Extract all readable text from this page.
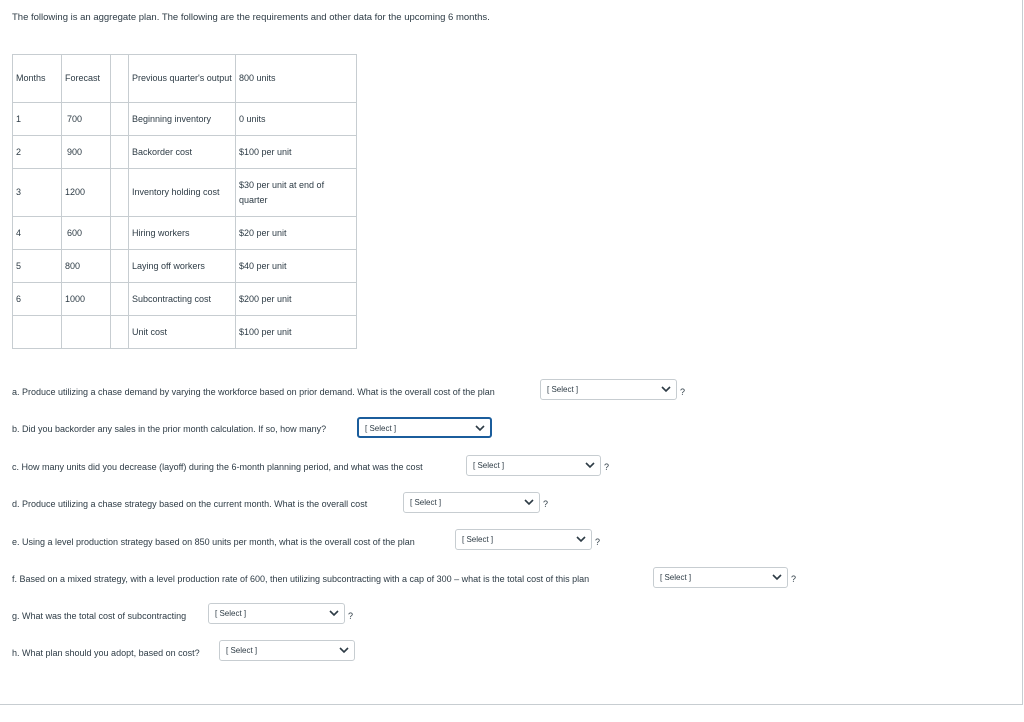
The following is an aggregate plan. The following are the requirements and other data for the upcoming 6 months.
Months	Forecast		Previous quarter's output	800 units
1	700		Beginning inventory	0 units
2	900		Backorder cost	$100 per unit
3	1200		Inventory holding cost	$30 per unit at end of quarter
4	600		Hiring workers	$20 per unit
5	800		Laying off workers	$40 per unit
6	1000		Subcontracting cost	$200 per unit
			Unit cost	$100 per unit
a. Produce utilizing a chase demand by varying the workforce based on prior demand. What is the overall cost of the plan	[ Select ]	?
b. Did you backorder any sales in the prior month calculation. If so, how many?	[ Select ]
c. How many units did you decrease (layoff) during the 6-month planning period, and what was the cost	[ Select ]	?
d. Produce utilizing a chase strategy based on the current month. What is the overall cost	[ Select ]	?
e. Using a level production strategy based on 850 units per month, what is the overall cost of the plan	[ Select ]	?
f. Based on a mixed strategy, with a level production rate of 600, then utilizing subcontracting with a cap of 300 – what is the total cost of this plan	[ Select ]	?
g. What was the total cost of subcontracting	[ Select ]	?
h. What plan should you adopt, based on cost?	[ Select ]
